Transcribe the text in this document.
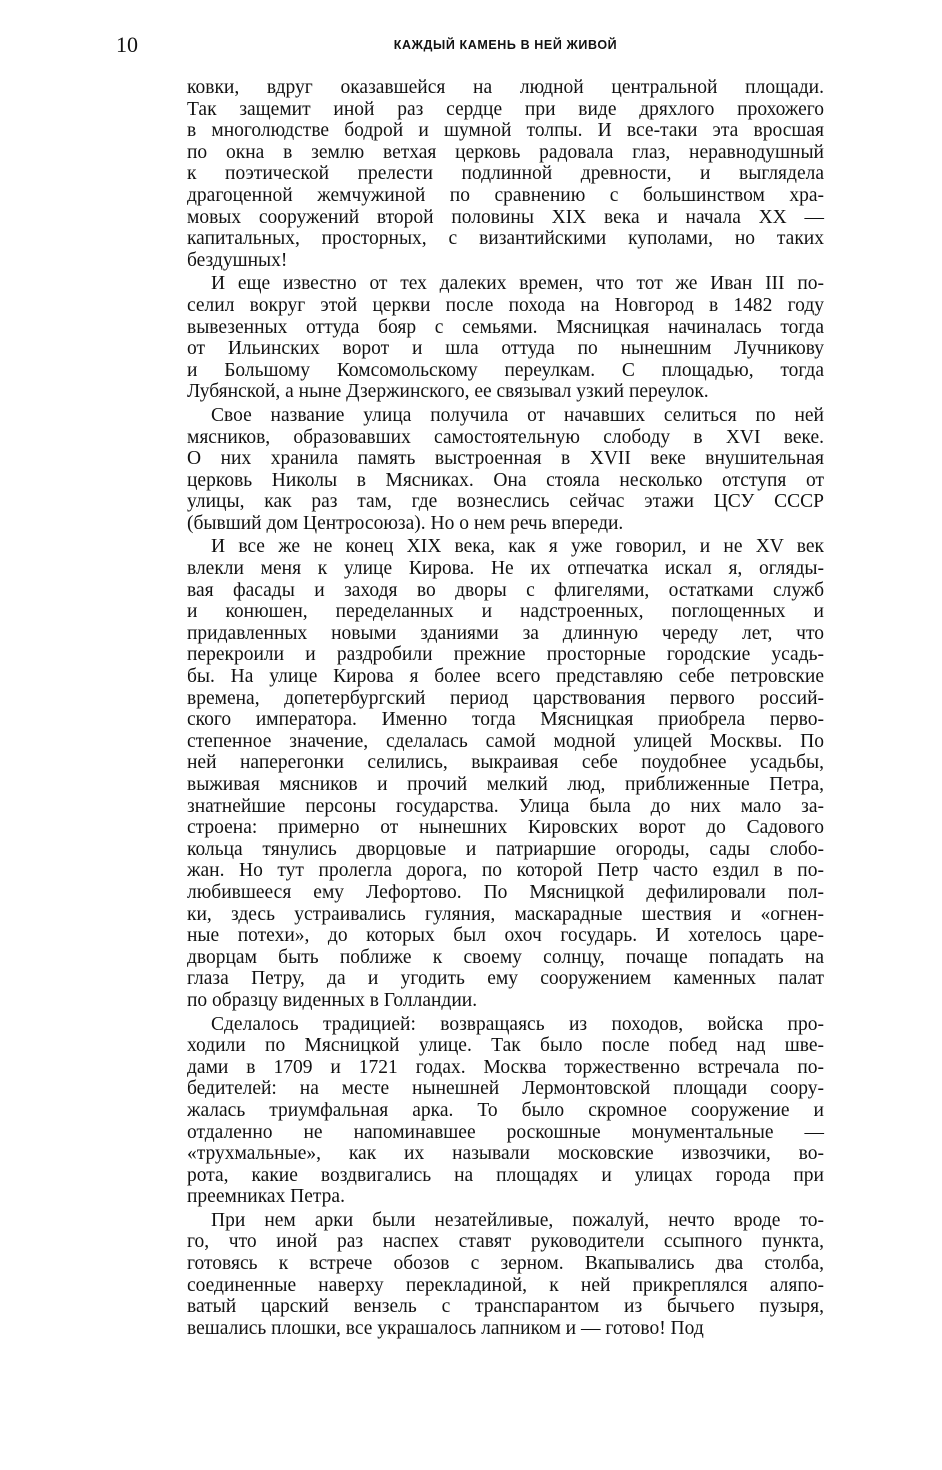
10	КАЖДЫЙ КАМЕНЬ В НЕЙ ЖИВОЙ
ковки, вдруг оказавшейся на людной центральной площади.
Так защемит иной раз сердце при виде дряхлого прохожего
в многолюдстве бодрой и шумной толпы. И все-таки эта вросшая
по окна в землю ветхая церковь радовала глаз, неравнодушный
к поэтической прелести подлинной древности, и выглядела
драгоценной жемчужиной по сравнению с большинством хра-
мовых сооружений второй половины XIX века и начала XX —
капитальных, просторных, с византийскими куполами, но таких
бездушных!
И еще известно от тех далеких времен, что тот же Иван III по-
селил вокруг этой церкви после похода на Новгород в 1482 году
вывезенных оттуда бояр с семьями. Мясницкая начиналась тогда
от Ильинских ворот и шла оттуда по нынешним Лучникову
и Большому Комсомольскому переулкам. С площадью, тогда
Лубянской, а ныне Дзержинского, ее связывал узкий переулок.
Свое название улица получила от начавших селиться по ней
мясников, образовавших самостоятельную слободу в XVI веке.
О них хранила память выстроенная в XVII веке внушительная
церковь Николы в Мясниках. Она стояла несколько отступя от
улицы, как раз там, где вознеслись сейчас этажи ЦСУ СССР
(бывший дом Центросоюза). Но о нем речь впереди.
И все же не конец XIX века, как я уже говорил, и не XV век
влекли меня к улице Кирова. Не их отпечатка искал я, огляды-
вая фасады и заходя во дворы с флигелями, остатками служб
и конюшен, переделанных и надстроенных, поглощенных и
придавленных новыми зданиями за длинную череду лет, что
перекроили и раздробили прежние просторные городские усадь-
бы. На улице Кирова я более всего представляю себе петровские
времена, допетербургский период царствования первого россий-
ского императора. Именно тогда Мясницкая приобрела перво-
степенное значение, сделалась самой модной улицей Москвы. По
ней наперегонки селились, выкраивая себе поудобнее усадьбы,
выживая мясников и прочий мелкий люд, приближенные Петра,
знатнейшие персоны государства. Улица была до них мало за-
строена: примерно от нынешних Кировских ворот до Садового
кольца тянулись дворцовые и патриаршие огороды, сады слобо-
жан. Но тут пролегла дорога, по которой Петр часто ездил в по-
любившееся ему Лефортово. По Мясницкой дефилировали пол-
ки, здесь устраивались гуляния, маскарадные шествия и «огнен-
ные потехи», до которых был охоч государь. И хотелось царе-
дворцам быть поближе к своему солнцу, почаще попадать на
глаза Петру, да и угодить ему сооружением каменных палат
по образцу виденных в Голландии.
Сделалось традицией: возвращаясь из походов, войска про-
ходили по Мясницкой улице. Так было после побед над шве-
дами в 1709 и 1721 годах. Москва торжественно встречала по-
бедителей: на месте нынешней Лермонтовской площади соору-
жалась триумфальная арка. То было скромное сооружение и
отдаленно не напоминавшее роскошные монументальные —
«трухмальные», как их называли московские извозчики, во-
рота, какие воздвигались на площадях и улицах города при
преемниках Петра.
При нем арки были незатейливые, пожалуй, нечто вроде то-
го, что иной раз наспех ставят руководители ссыпного пункта,
готовясь к встрече обозов с зерном. Вкапывались два столба,
соединенные наверху перекладиной, к ней прикреплялся аляпо-
ватый царский вензель с транспарантом из бычьего пузыря,
вешались плошки, все украшалось лапником и — готово! Под
